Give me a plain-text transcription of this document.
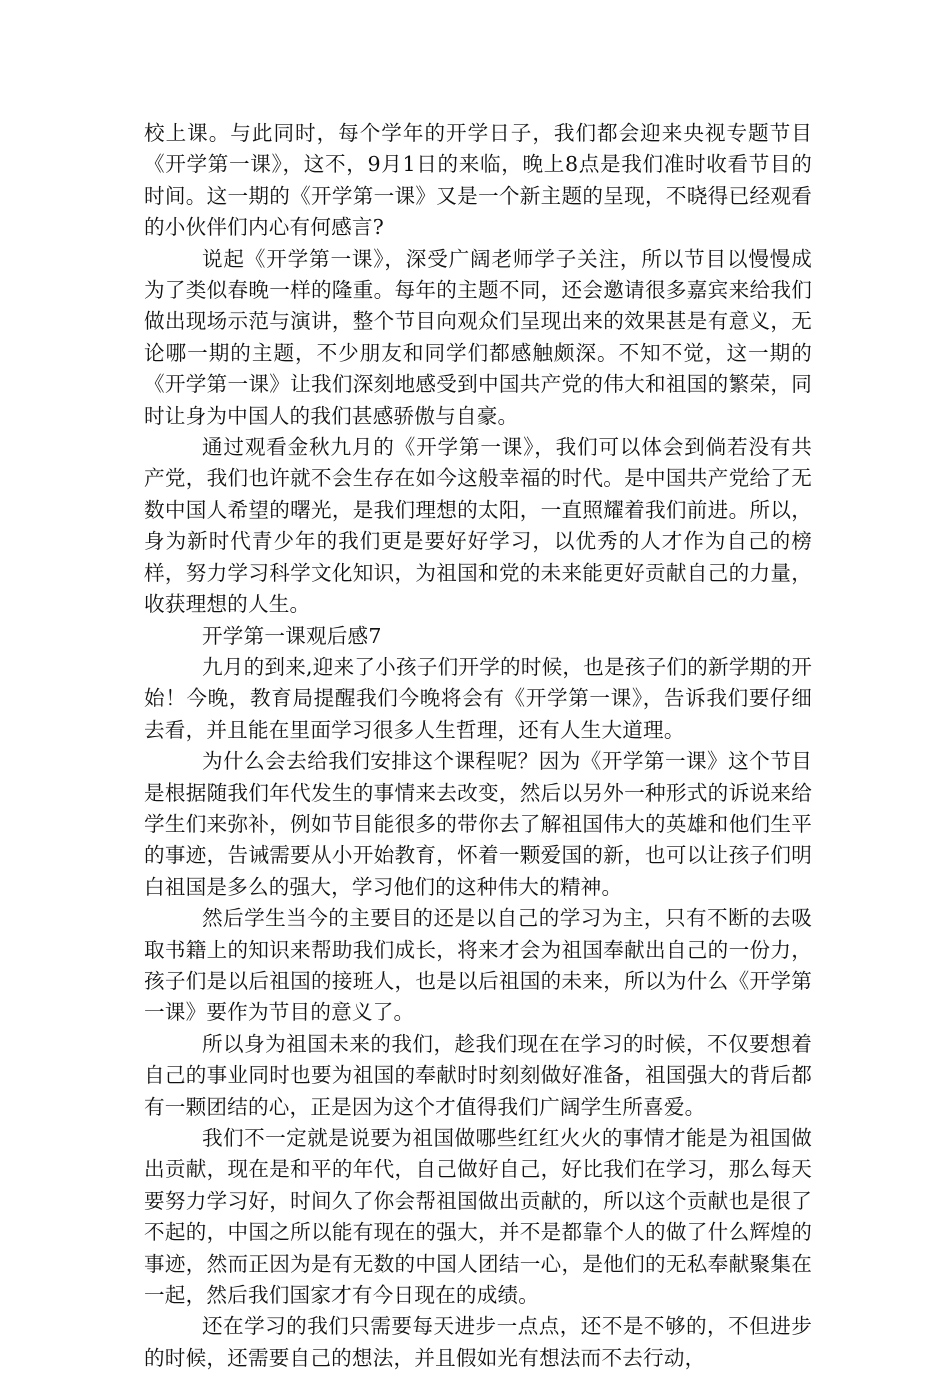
校上课。与此同时，每个学年的开学日子，我们都会迎来央视专题节目《开学第一课》，这不，9月1日的来临，晚上8点是我们准时收看节目的时间。这一期的《开学第一课》又是一个新主题的呈现，不晓得已经观看的小伙伴们内心有何感言?

说起《开学第一课》，深受广阔老师学子关注，所以节目以慢慢成为了类似春晚一样的隆重。每年的主题不同，还会邀请很多嘉宾来给我们做出现场示范与演讲，整个节目向观众们呈现出来的效果甚是有意义，无论哪一期的主题，不少朋友和同学们都感触颇深。不知不觉，这一期的《开学第一课》让我们深刻地感受到中国共产党的伟大和祖国的繁荣，同时让身为中国人的我们甚感骄傲与自豪。

通过观看金秋九月的《开学第一课》，我们可以体会到倘若没有共产党，我们也许就不会生存在如今这般幸福的时代。是中国共产党给了无数中国人希望的曙光，是我们理想的太阳，一直照耀着我们前进。所以，身为新时代青少年的我们更是要好好学习，以优秀的人才作为自己的榜样，努力学习科学文化知识，为祖国和党的未来能更好贡献自己的力量，收获理想的人生。

开学第一课观后感7

九月的到来,迎来了小孩子们开学的时候，也是孩子们的新学期的开始！今晚，教育局提醒我们今晚将会有《开学第一课》，告诉我们要仔细去看，并且能在里面学习很多人生哲理，还有人生大道理。

为什么会去给我们安排这个课程呢？因为《开学第一课》这个节目是根据随我们年代发生的事情来去改变，然后以另外一种形式的诉说来给学生们来弥补，例如节目能很多的带你去了解祖国伟大的英雄和他们生平的事迹，告诫需要从小开始教育，怀着一颗爱国的新，也可以让孩子们明白祖国是多么的强大，学习他们的这种伟大的精神。

然后学生当今的主要目的还是以自己的学习为主，只有不断的去吸取书籍上的知识来帮助我们成长，将来才会为祖国奉献出自己的一份力，孩子们是以后祖国的接班人，也是以后祖国的未来，所以为什么《开学第一课》要作为节目的意义了。

所以身为祖国未来的我们，趁我们现在在学习的时候，不仅要想着自己的事业同时也要为祖国的奉献时时刻刻做好准备，祖国强大的背后都有一颗团结的心，正是因为这个才值得我们广阔学生所喜爱。

我们不一定就是说要为祖国做哪些红红火火的事情才能是为祖国做出贡献，现在是和平的年代，自己做好自己，好比我们在学习，那么每天要努力学习好，时间久了你会帮祖国做出贡献的，所以这个贡献也是很了不起的，中国之所以能有现在的强大，并不是都靠个人的做了什么辉煌的事迹，然而正因为是有无数的中国人团结一心，是他们的无私奉献聚集在一起，然后我们国家才有今日现在的成绩。

还在学习的我们只需要每天进步一点点，还不是不够的，不但进步的时候，还需要自己的想法，并且假如光有想法而不去行动，
